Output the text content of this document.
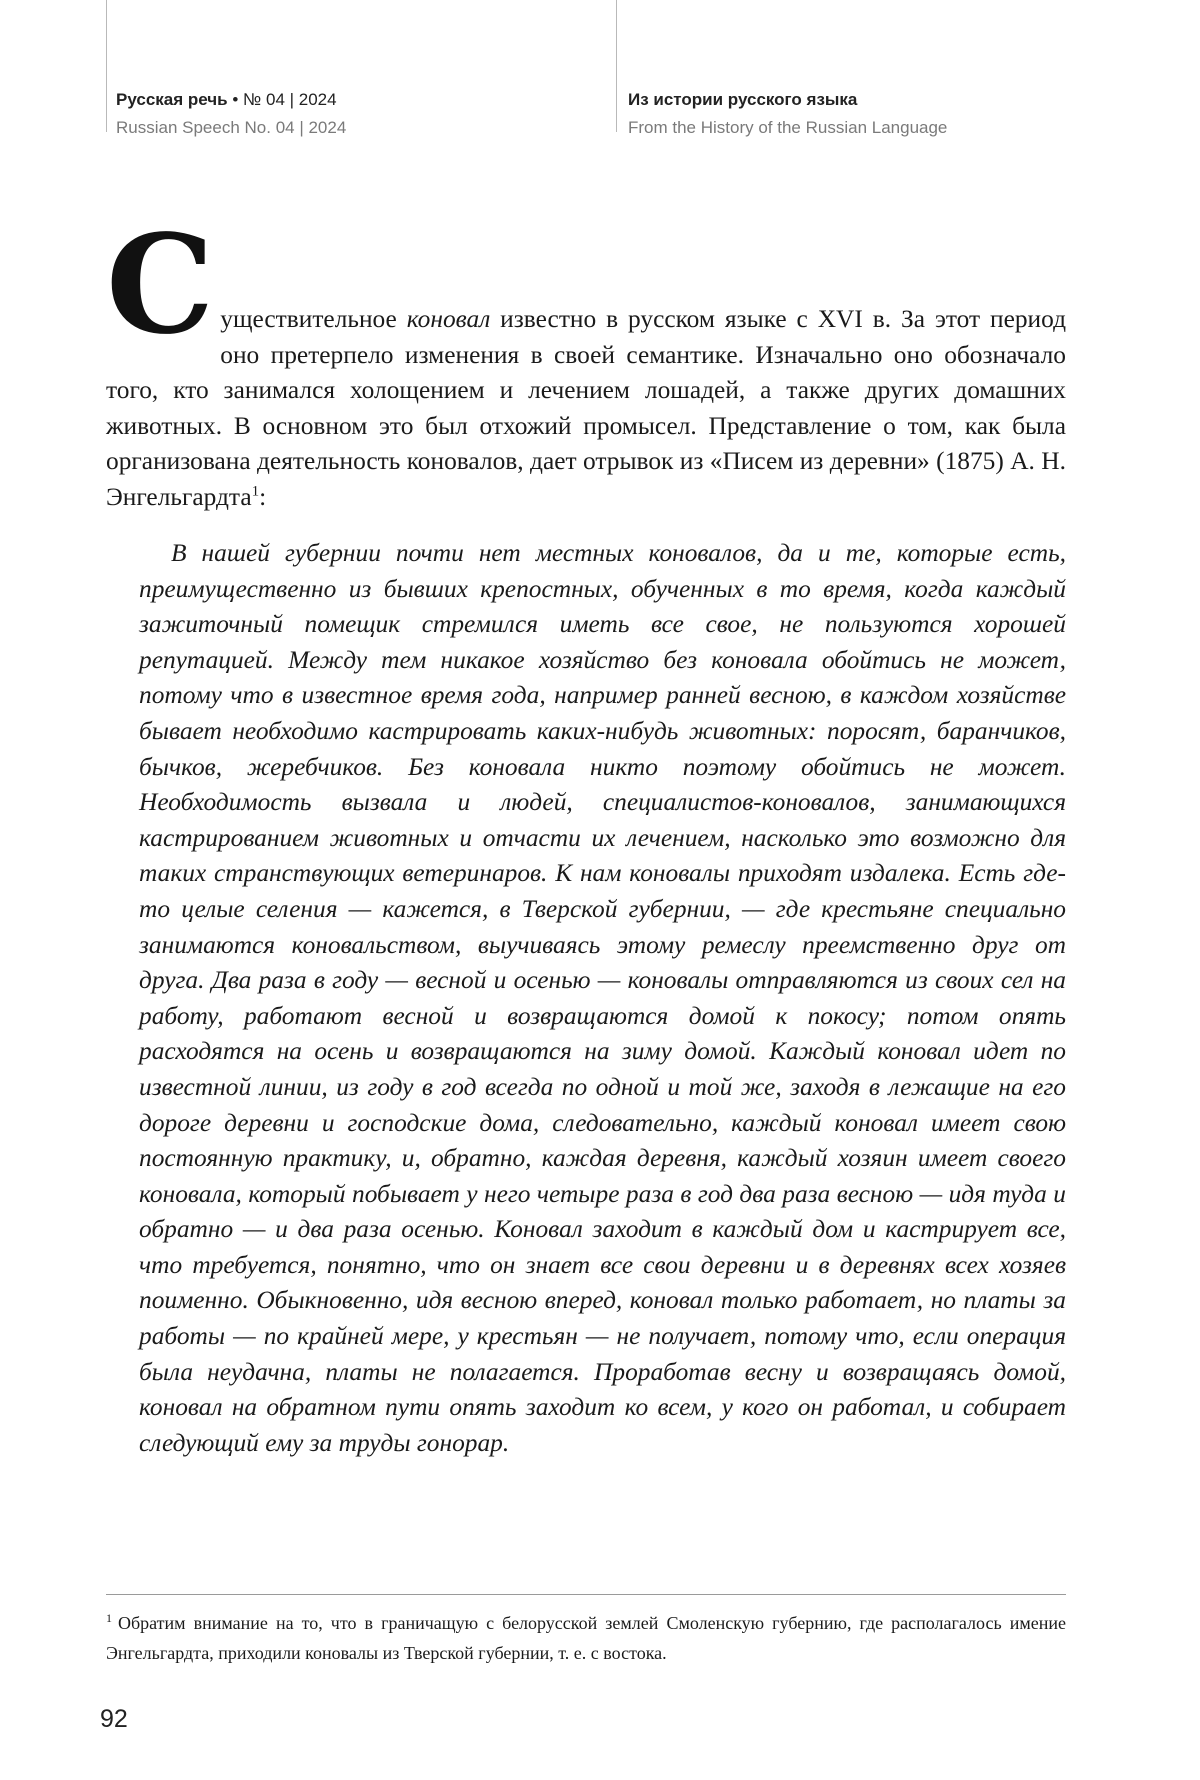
Русская речь • № 04 | 2024
Russian Speech No. 04 | 2024
Из истории русского языка
From the History of the Russian Language
С уществительное коновал известно в русском языке с XVI в. За этот период оно претерпело изменения в своей семантике. Изначально оно обозначало того, кто занимался холощением и лечением лошадей, а также других домашних животных. В основном это был отхожий промысел. Представление о том, как была организована деятельность коновалов, дает отрывок из «Писем из деревни» (1875) А. Н. Энгельгардта$^1$:

В нашей губернии почти нет местных коновалов, да и те, которые есть, преимущественно из бывших крепостных, обученных в то время, когда каждый зажиточный помещик стремился иметь все свое, не пользуются хорошей репутацией. Между тем никакое хозяйство без коновала обойтись не может, потому что в известное время года, например ранней весною, в каждом хозяйстве бывает необходимо кастрировать каких-нибудь животных: поросят, баранчиков, бычков, жеребчиков. Без коновала никто поэтому обойтись не может. Необходимость вызвала и людей, специалистов-коновалов, занимающихся кастрированием животных и отчасти их лечением, насколько это возможно для таких странствующих ветеринаров. К нам коновалы приходят издалека. Есть где-то целые селения — кажется, в Тверской губернии, — где крестьяне специально занимаются коновальством, выучиваясь этому ремеслу преемственно друг от друга. Два раза в году — весной и осенью — коновалы отправляются из своих сел на работу, работают весной и возвращаются домой к покосу; потом опять расходятся на осень и возвращаются на зиму домой. Каждый коновал идет по известной линии, из году в год всегда по одной и той же, заходя в лежащие на его дороге деревни и господские дома, следовательно, каждый коновал имеет свою постоянную практику, и, обратно, каждая деревня, каждый хозяин имеет своего коновала, который побывает у него четыре раза в год два раза весною — идя туда и обратно — и два раза осенью. Коновал заходит в каждый дом и кастрирует все, что требуется, понятно, что он знает все свои деревни и в деревнях всех хозяев поименно. Обыкновенно, идя весною вперед, коновал только работает, но платы за работы — по крайней мере, у крестьян — не получает, потому что, если операция была неудачна, платы не полагается. Проработав весну и возвращаясь домой, коновал на обратном пути опять заходит ко всем, у кого он работал, и собирает следующий ему за труды гонорар.

$^1$ Обратим внимание на то, что в граничащую с белорусской землей Смоленскую губернию, где располагалось имение Энгельгардта, приходили коновалы из Тверской губернии, т. е. с востока.

92
